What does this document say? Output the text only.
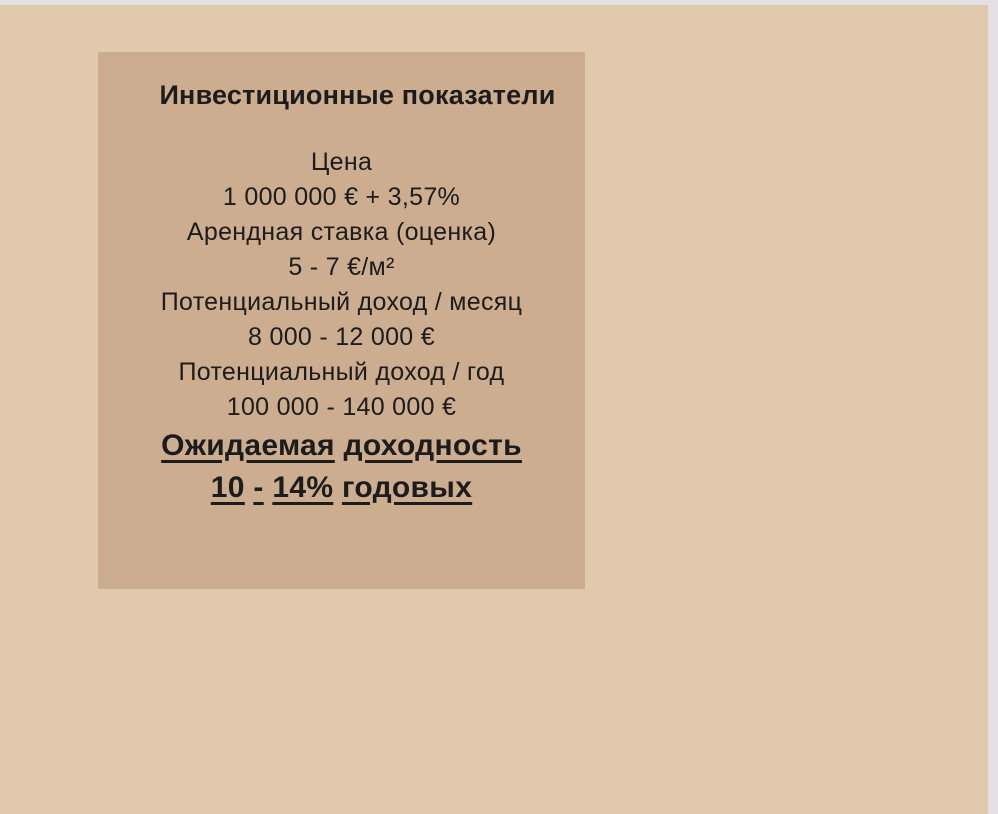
Инвестиционные показатели
Цена
1 000 000 € + 3,57%
Арендная ставка (оценка)
5 - 7 €/м²
Потенциальный доход / месяц
8 000 - 12 000 €
Потенциальный доход / год
100 000 - 140 000 €
Ожидаемая доходность
10 - 14% годовых
